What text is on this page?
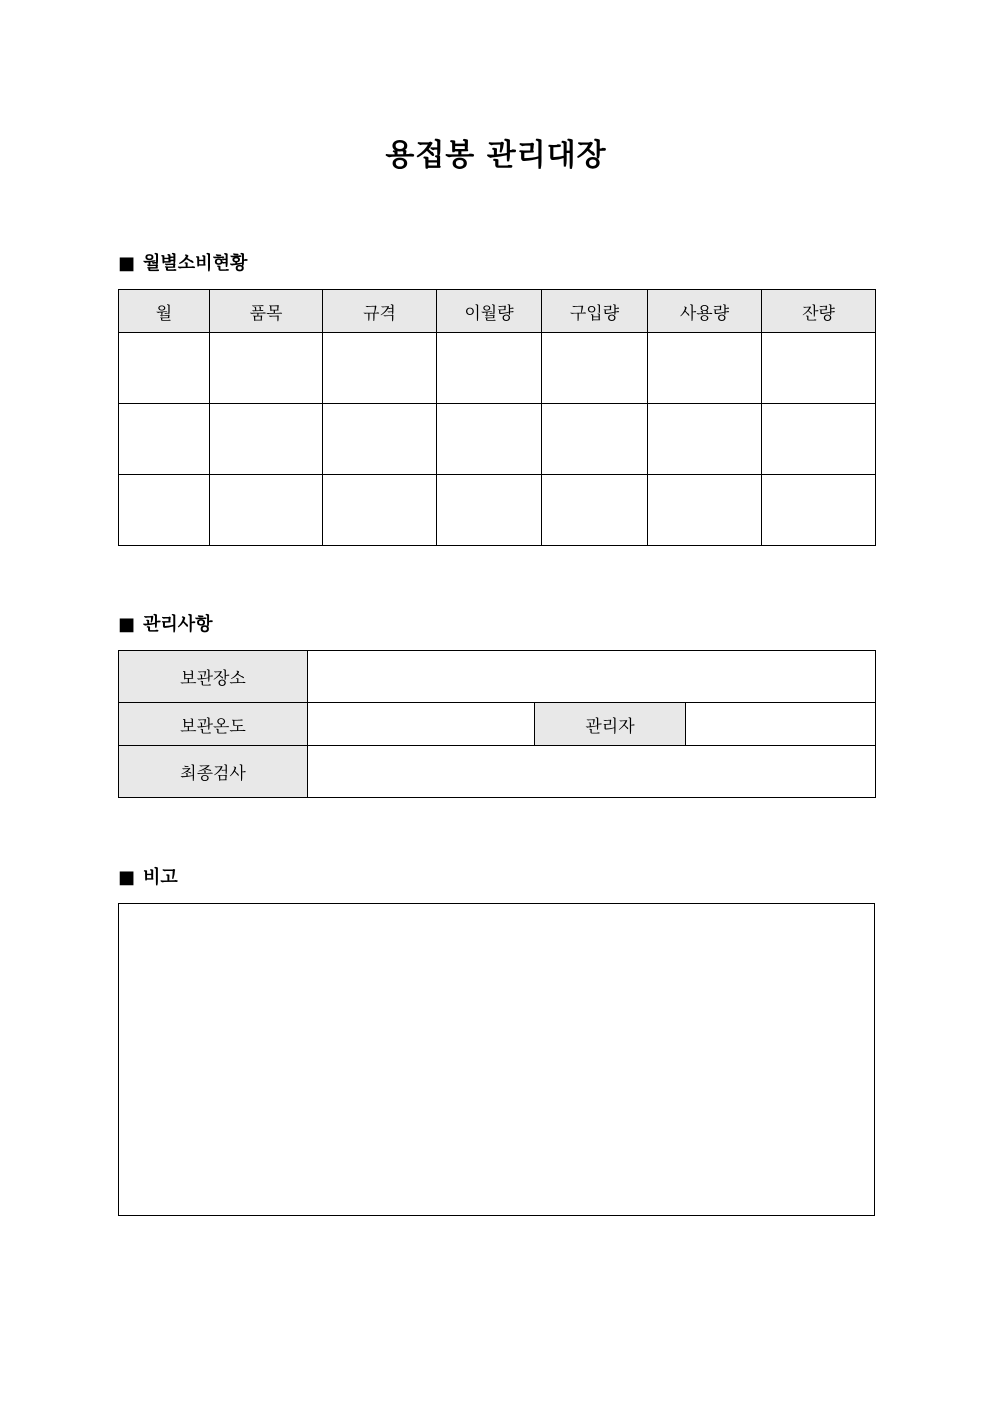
용접봉 관리대장
■ 월별소비현황
월	품목	규격	이월량	구입량	사용량	잔량

■ 관리사항
보관장소			
보관온도		관리자	
최종검사			
■ 비고
